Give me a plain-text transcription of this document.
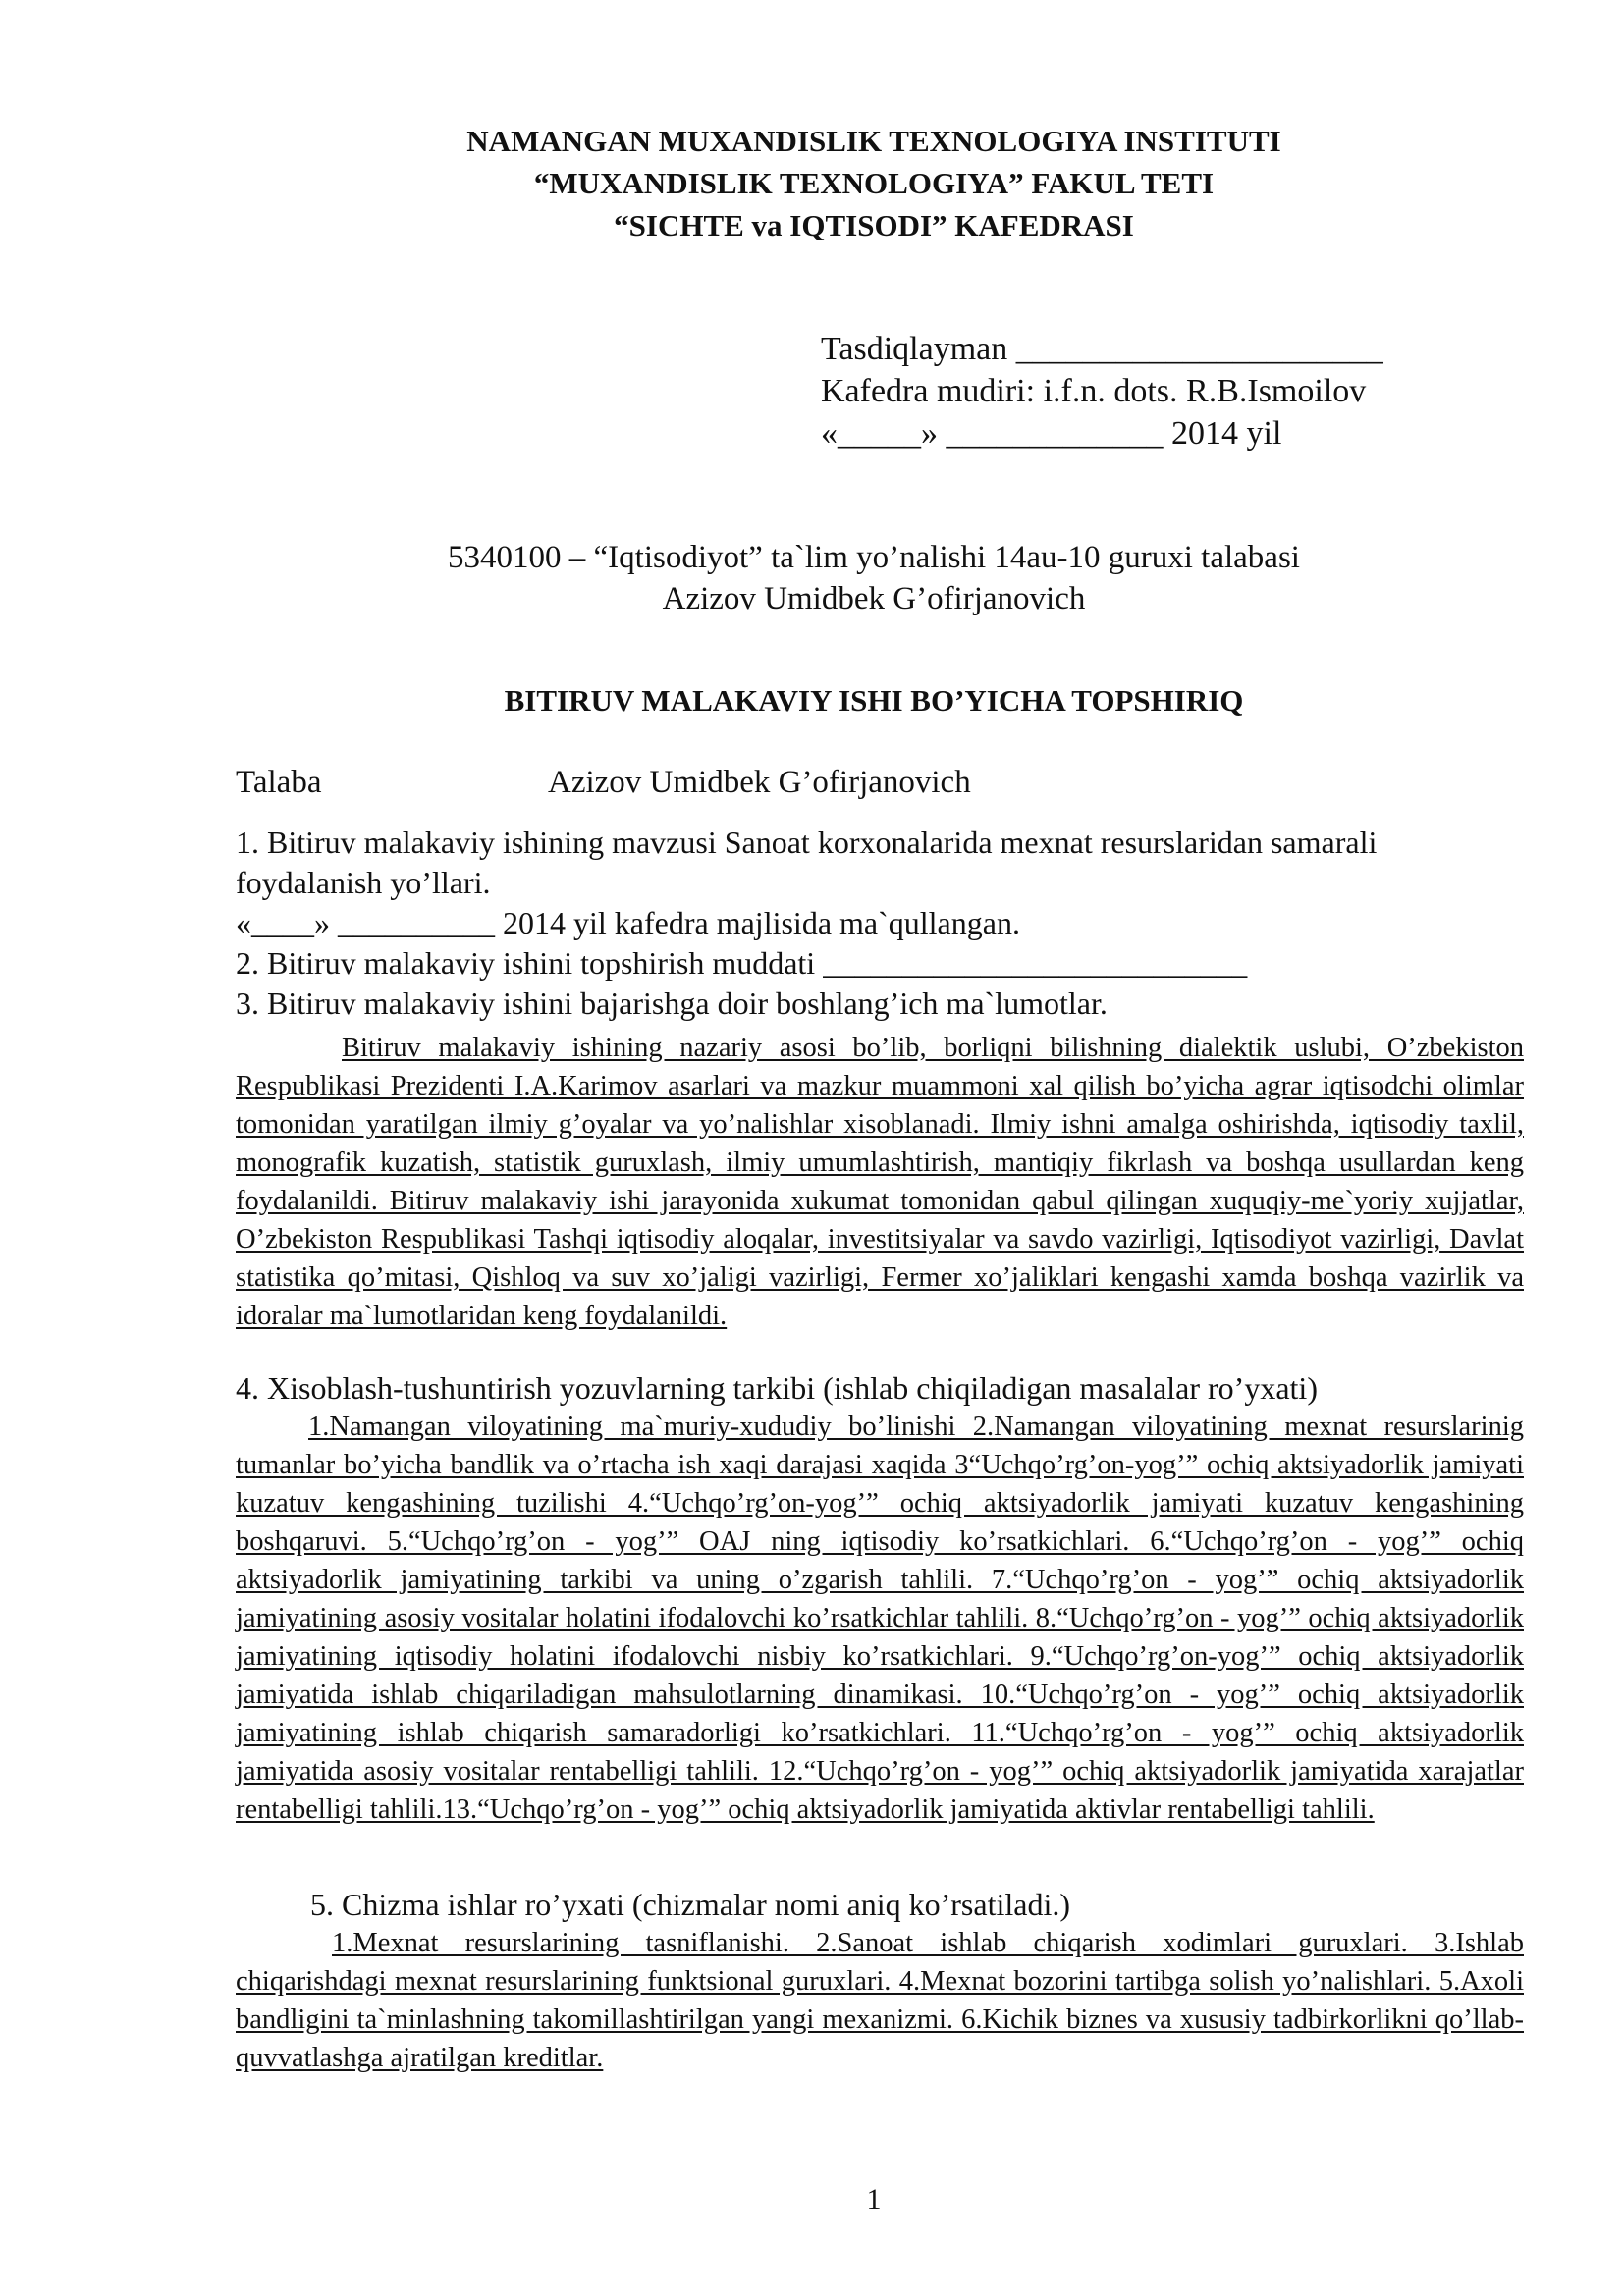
NAMANGAN MUXANDISLIK TEXNOLOGIYA INSTITUTI
“MUXANDISLIK TEXNOLOGIYA” FAKUL TETI
“SICHTE va IQTISODI” KAFEDRASI
Tasdiqlayman ______________________
Kafedra mudiri: i.f.n. dots. R.B.Ismoilov
«_____» _____________ 2014 yil
5340100 – “Iqtisodiyot” ta`lim yo’nalishi 14au-10 guruxi talabasi
Azizov Umidbek G’ofirjanovich
BITIRUV MALAKAVIY ISHI BO’YICHA TOPSHIRIQ
Talaba	Azizov Umidbek G’ofirjanovich

1. Bitiruv malakaviy ishining mavzusi Sanoat korxonalarida mexnat resurslaridan samarali foydalanish yo’llari.

«____» __________ 2014 yil kafedra majlisida ma`qullangan.

2. Bitiruv malakaviy ishini topshirish muddati ___________________________

3. Bitiruv malakaviy ishini bajarishga doir boshlang’ich ma`lumotlar.

Bitiruv malakaviy ishining nazariy asosi bo’lib, borliqni bilishning dialektik uslubi, O’zbekiston Respublikasi Prezidenti I.A.Karimov asarlari va mazkur muammoni xal qilish bo’yicha agrar iqtisodchi olimlar tomonidan yaratilgan ilmiy g’oyalar va yo’nalishlar xisoblanadi. Ilmiy ishni amalga oshirishda, iqtisodiy taxlil, monografik kuzatish, statistik guruxlash, ilmiy umumlashtirish, mantiqiy fikrlash va boshqa usullardan keng foydalanildi. Bitiruv malakaviy ishi jarayonida xukumat tomonidan qabul qilingan xuquqiy-me`yoriy xujjatlar, O’zbekiston Respublikasi Tashqi iqtisodiy aloqalar, investitsiyalar va savdo vazirligi, Iqtisodiyot vazirligi, Davlat statistika qo’mitasi, Qishloq va suv xo’jaligi vazirligi, Fermer xo’jaliklari kengashi xamda boshqa vazirlik va idoralar ma`lumotlaridan keng foydalanildi.
4. Xisoblash-tushuntirish yozuvlarning tarkibi (ishlab chiqiladigan masalalar ro’yxati)
1.Namangan viloyatining ma`muriy-xududiy bo’linishi 2.Namangan viloyatining mexnat resurslarinig tumanlar bo’yicha bandlik va o’rtacha ish xaqi darajasi xaqida 3“Uchqo’rg’on-yog’” ochiq aktsiyadorlik jamiyati kuzatuv kengashining tuzilishi 4.“Uchqo’rg’on-yog’” ochiq aktsiyadorlik jamiyati kuzatuv kengashining boshqaruvi. 5.“Uchqo’rg’on - yog’” OAJ ning iqtisodiy ko’rsatkichlari. 6.“Uchqo’rg’on - yog’” ochiq aktsiyadorlik jamiyatining tarkibi va uning o’zgarish tahlili. 7.“Uchqo’rg’on - yog’” ochiq aktsiyadorlik jamiyatining asosiy vositalar holatini ifodalovchi ko’rsatkichlar tahlili. 8.“Uchqo’rg’on - yog’” ochiq aktsiyadorlik jamiyatining iqtisodiy holatini ifodalovchi nisbiy ko’rsatkichlari. 9.“Uchqo’rg’on-yog’” ochiq aktsiyadorlik jamiyatida ishlab chiqariladigan mahsulotlarning dinamikasi. 10.“Uchqo’rg’on - yog’” ochiq aktsiyadorlik jamiyatining ishlab chiqarish samaradorligi ko’rsatkichlari. 11.“Uchqo’rg’on - yog’” ochiq aktsiyadorlik jamiyatida asosiy vositalar rentabelligi tahlili. 12.“Uchqo’rg’on - yog’” ochiq aktsiyadorlik jamiyatida xarajatlar rentabelligi tahlili.13.“Uchqo’rg’on - yog’” ochiq aktsiyadorlik jamiyatida aktivlar rentabelligi tahlili.
5. Chizma ishlar ro’yxati (chizmalar nomi aniq ko’rsatiladi.)
1.Mexnat resurslarining tasniflanishi. 2.Sanoat ishlab chiqarish xodimlari guruxlari. 3.Ishlab chiqarishdagi mexnat resurslarining funktsional guruxlari. 4.Mexnat bozorini tartibga solish yo’nalishlari. 5.Axoli bandligini ta`minlashning takomillashtirilgan yangi mexanizmi. 6.Kichik biznes va xususiy tadbirkorlikni qo’llab-quvvatlashga ajratilgan kreditlar.
1
